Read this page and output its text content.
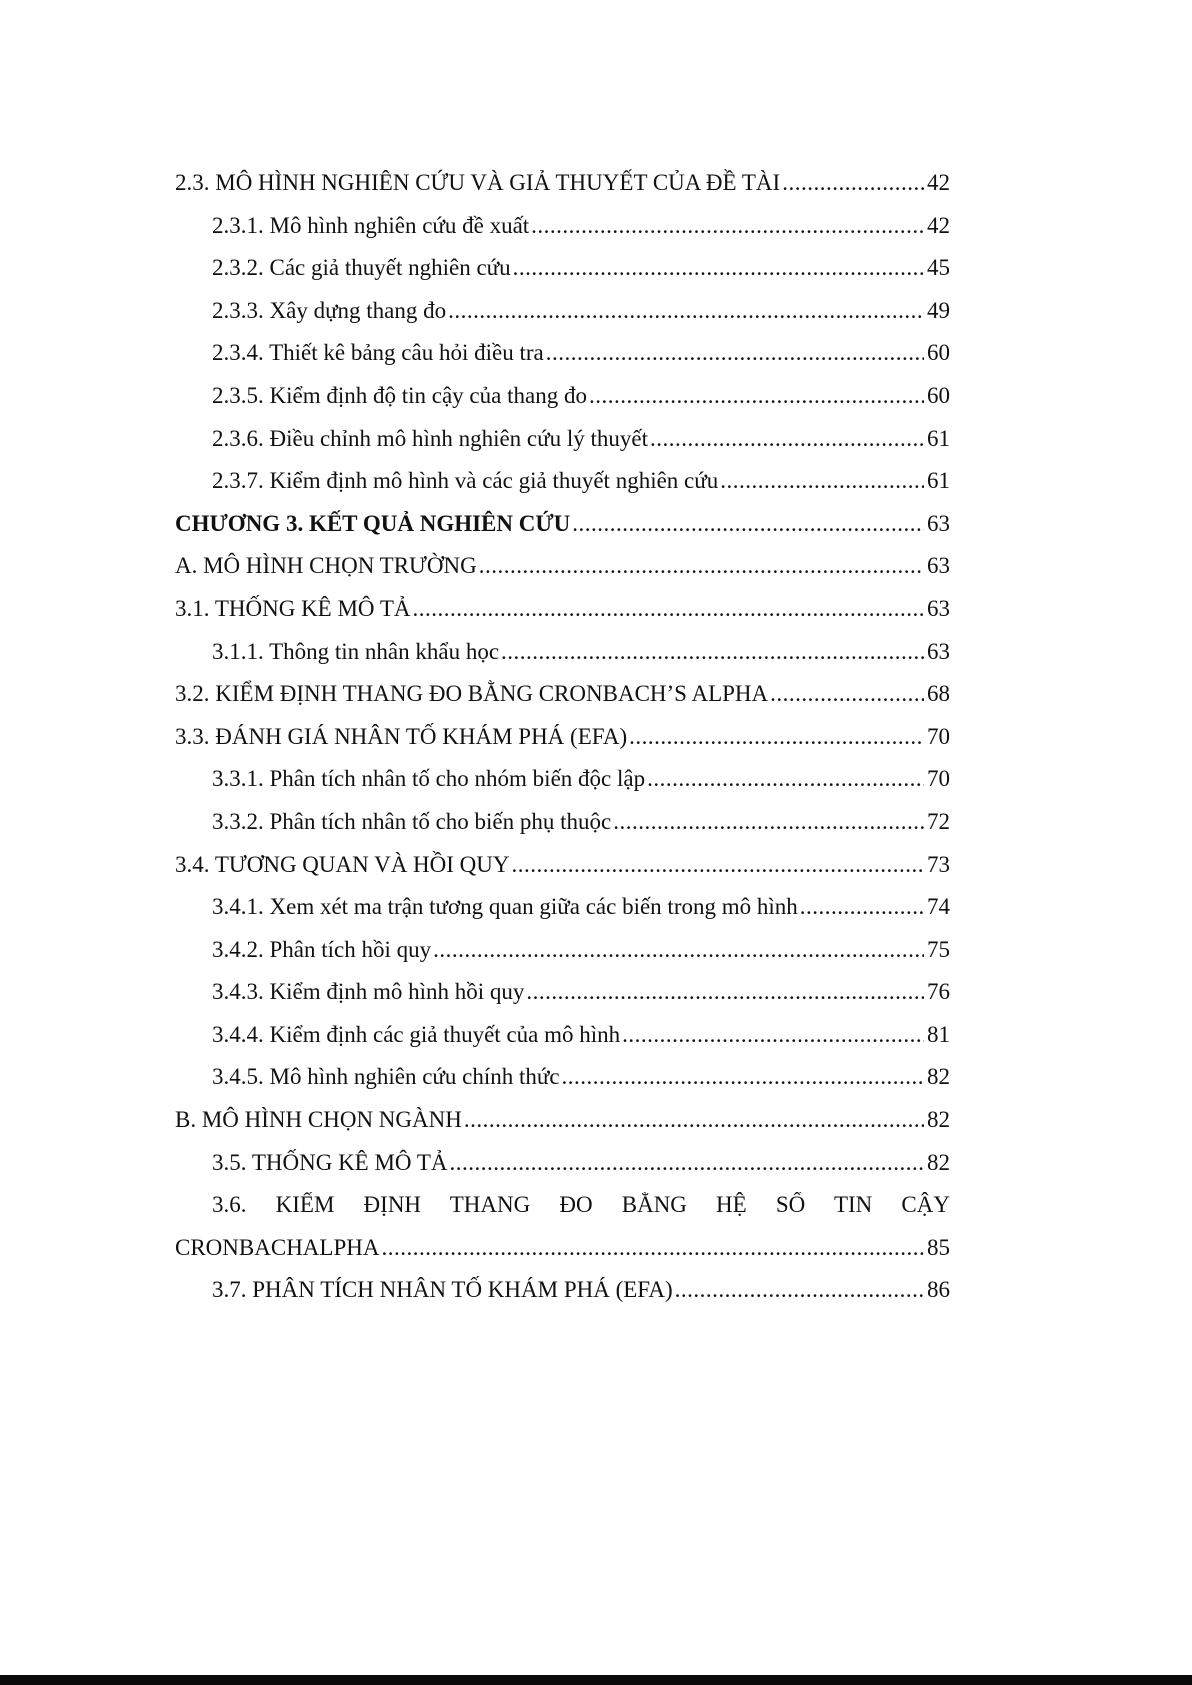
2.3. MÔ HÌNH NGHIÊN CỨU VÀ GIẢ THUYẾT CỦA ĐỀ TÀI .....	42
2.3.1. Mô hình nghiên cứu đề xuất .....	42
2.3.2. Các giả thuyết nghiên cứu .....	45
2.3.3. Xây dựng thang đo .....	49
2.3.4. Thiết kê bảng câu hỏi điều tra .....	60
2.3.5. Kiểm định độ tin cậy của thang đo .....	60
2.3.6. Điều chỉnh mô hình nghiên cứu lý thuyết .....	61
2.3.7. Kiểm định mô hình và các giả thuyết nghiên cứu .....	61
CHƯƠNG 3. KẾT QUẢ NGHIÊN CỨU .....	63
A. MÔ HÌNH CHỌN TRƯỜNG .....	63
3.1. THỐNG KÊ MÔ TẢ .....	63
3.1.1. Thông tin nhân khẩu học .....	63
3.2. KIỂM ĐỊNH THANG ĐO BẰNG CRONBACH’S ALPHA .....	68
3.3. ĐÁNH GIÁ NHÂN TỐ KHÁM PHÁ (EFA) .....	70
3.3.1. Phân tích nhân tố cho nhóm biến độc lập .....	70
3.3.2. Phân tích nhân tố cho biến phụ thuộc .....	72
3.4. TƯƠNG QUAN VÀ HỒI QUY .....	73
3.4.1. Xem xét ma trận tương quan giữa các biến trong mô hình .....	74
3.4.2. Phân tích hồi quy .....	75
3.4.3. Kiểm định mô hình hồi quy .....	76
3.4.4. Kiểm định các giả thuyết của mô hình .....	81
3.4.5. Mô hình nghiên cứu chính thức .....	82
B. MÔ HÌNH CHỌN NGÀNH .....	82
3.5. THỐNG KÊ MÔ TẢ .....	82
3.6. KIỂM ĐỊNH THANG ĐO BẰNG HỆ SỐ TIN CẬY
CRONBACHALPHA .....	85
3.7. PHÂN TÍCH NHÂN TỐ KHÁM PHÁ (EFA) .....	86
